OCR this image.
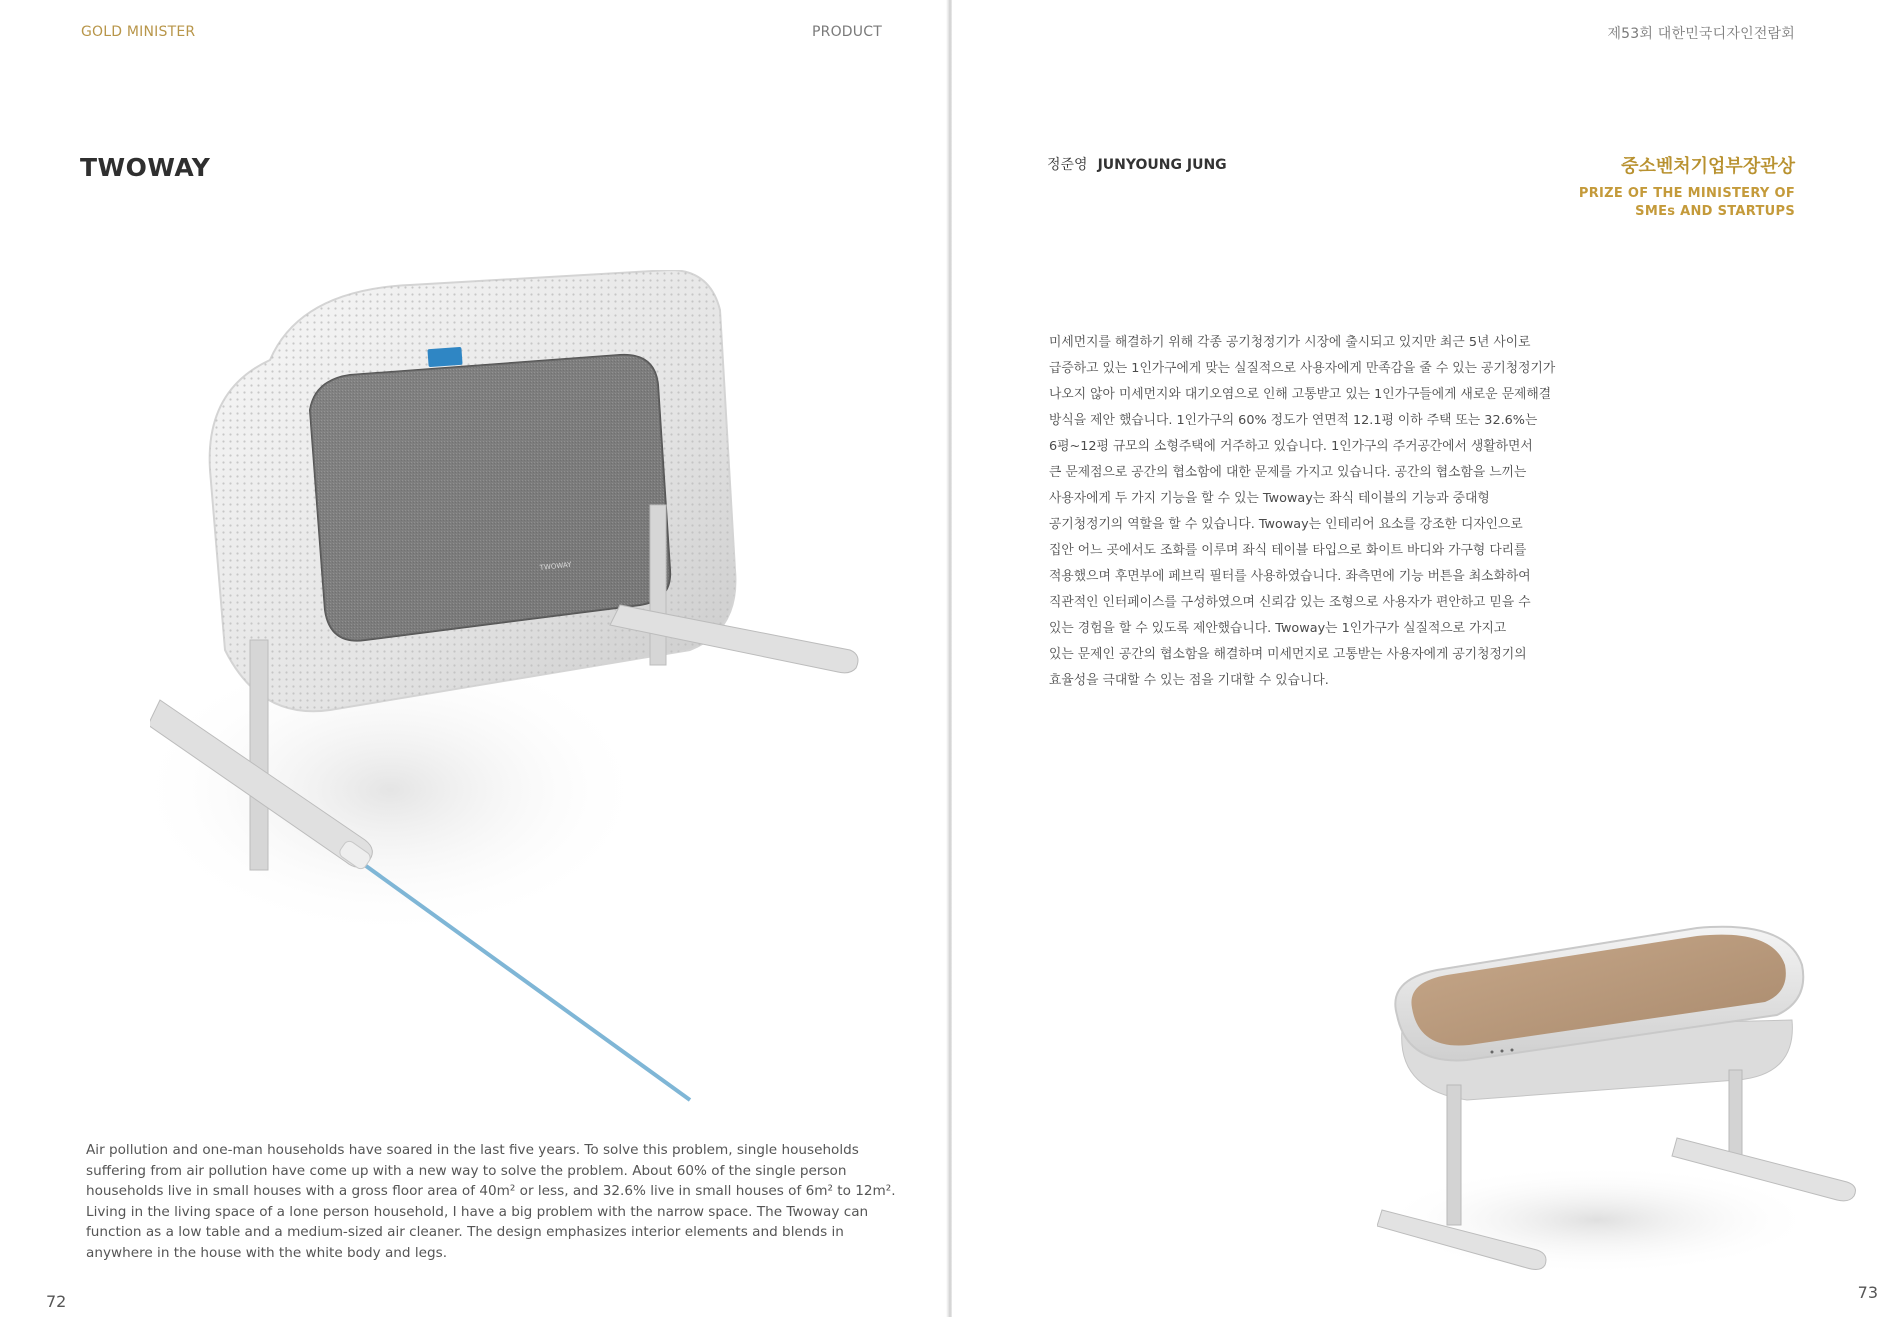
GOLD MINISTER	PRODUCT
TWOWAY
TWOWAY
Air pollution and one-man households have soared in the last five years. To solve this problem, single households
suffering from air pollution have come up with a new way to solve the problem. About 60% of the single person
households live in small houses with a gross floor area of 40m² or less, and 32.6% live in small houses of 6m² to 12m².
Living in the living space of a lone person household, I have a big problem with the narrow space. The Twoway can
function as a low table and a medium-sized air cleaner. The design emphasizes interior elements and blends in
anywhere in the house with the white body and legs.
72
제53회 대한민국디자인전람회
정준영 JUNYOUNG JUNG	중소벤처기업부장관상
PRIZE OF THE MINISTERY OF
SMEs AND STARTUPS
미세먼지를 해결하기 위해 각종 공기청정기가 시장에 출시되고 있지만 최근 5년 사이로
급증하고 있는 1인가구에게 맞는 실질적으로 사용자에게 만족감을 줄 수 있는 공기청정기가
나오지 않아 미세먼지와 대기오염으로 인해 고통받고 있는 1인가구들에게 새로운 문제해결
방식을 제안 했습니다. 1인가구의 60% 정도가 연면적 12.1평 이하 주택 또는 32.6%는
6평~12평 규모의 소형주택에 거주하고 있습니다. 1인가구의 주거공간에서 생활하면서
큰 문제점으로 공간의 협소함에 대한 문제를 가지고 있습니다. 공간의 협소함을 느끼는
사용자에게 두 가지 기능을 할 수 있는 Twoway는 좌식 테이블의 기능과 중대형
공기청정기의 역할을 할 수 있습니다. Twoway는 인테리어 요소를 강조한 디자인으로
집안 어느 곳에서도 조화를 이루며 좌식 테이블 타입으로 화이트 바디와 가구형 다리를
적용했으며 후면부에 페브릭 필터를 사용하였습니다. 좌측면에 기능 버튼을 최소화하여
직관적인 인터페이스를 구성하였으며 신뢰감 있는 조형으로 사용자가 편안하고 믿을 수
있는 경험을 할 수 있도록 제안했습니다. Twoway는 1인가구가 실질적으로 가지고
있는 문제인 공간의 협소함을 해결하며 미세먼지로 고통받는 사용자에게 공기청정기의
효율성을 극대할 수 있는 점을 기대할 수 있습니다.
73
